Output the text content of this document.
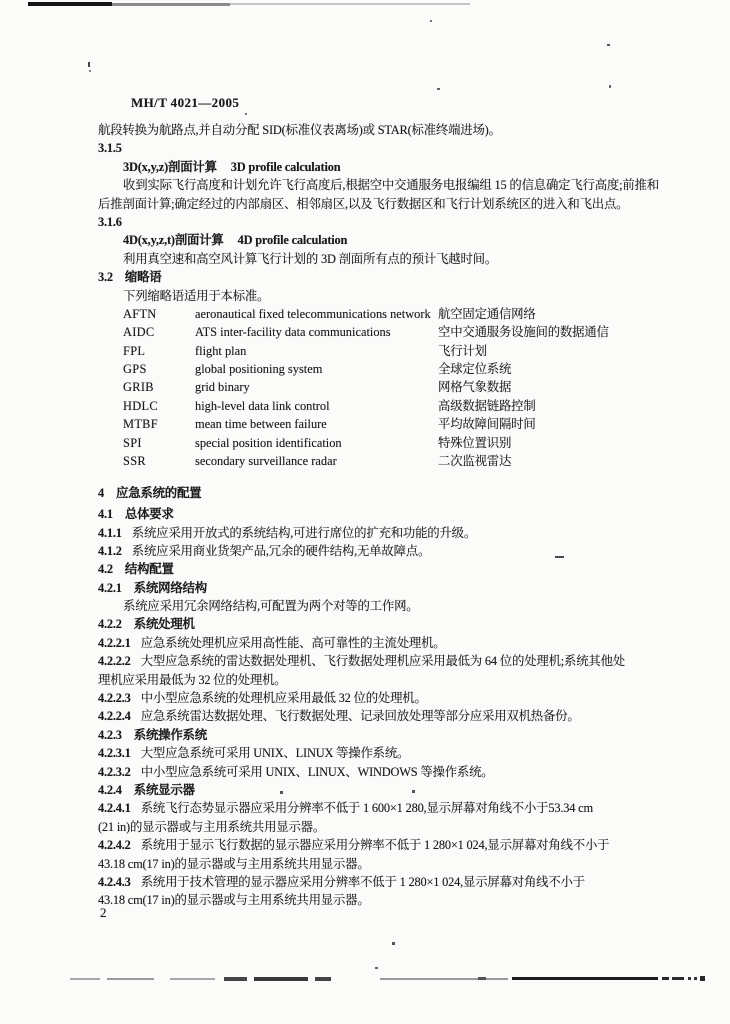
MH/T 4021—2005
航段转换为航路点,并自动分配 SID(标准仪表离场)或 STAR(标准终端进场)。
3.1.5
3D(x,y,z)剖面计算 3D profile calculation
收到实际飞行高度和计划允许飞行高度后,根据空中交通服务电报编组 15 的信息确定飞行高度;前推和
后推剖面计算;确定经过的内部扇区、相邻扇区,以及飞行数据区和飞行计划系统区的进入和飞出点。
3.1.6
4D(x,y,z,t)剖面计算 4D profile calculation
利用真空速和高空风计算飞行计划的 3D 剖面所有点的预计飞越时间。
3.2 缩略语
下列缩略语适用于本标准。
AFTN	aeronautical fixed telecommunications network 航空固定通信网络
AIDC	ATS inter-facility data communications	空中交通服务设施间的数据通信
FPL	flight plan	飞行计划
GPS	global positioning system	全球定位系统
GRIB	grid binary	网格气象数据
HDLC	high-level data link control	高级数据链路控制
MTBF	mean time between failure	平均故障间隔时间
SPI	special position identification	特殊位置识别
SSR	secondary surveillance radar	二次监视雷达
4 应急系统的配置
4.1 总体要求
4.1.1 系统应采用开放式的系统结构,可进行席位的扩充和功能的升级。
4.1.2 系统应采用商业货架产品,冗余的硬件结构,无单故障点。
4.2 结构配置
4.2.1 系统网络结构
系统应采用冗余网络结构,可配置为两个对等的工作网。
4.2.2 系统处理机
4.2.2.1 应急系统处理机应采用高性能、高可靠性的主流处理机。
4.2.2.2 大型应急系统的雷达数据处理机、飞行数据处理机应采用最低为 64 位的处理机;系统其他处
理机应采用最低为 32 位的处理机。
4.2.2.3 中小型应急系统的处理机应采用最低 32 位的处理机。
4.2.2.4 应急系统雷达数据处理、飞行数据处理、记录回放处理等部分应采用双机热备份。
4.2.3 系统操作系统
4.2.3.1 大型应急系统可采用 UNIX、LINUX 等操作系统。
4.2.3.2 中小型应急系统可采用 UNIX、LINUX、WINDOWS 等操作系统。
4.2.4 系统显示器
4.2.4.1 系统飞行态势显示器应采用分辨率不低于 1 600×1 280,显示屏幕对角线不小于53.34 cm
(21 in)的显示器或与主用系统共用显示器。
4.2.4.2 系统用于显示飞行数据的显示器应采用分辨率不低于 1 280×1 024,显示屏幕对角线不小于
43.18 cm(17 in)的显示器或与主用系统共用显示器。
4.2.4.3 系统用于技术管理的显示器应采用分辨率不低于 1 280×1 024,显示屏幕对角线不小于
43.18 cm(17 in)的显示器或与主用系统共用显示器。
2
